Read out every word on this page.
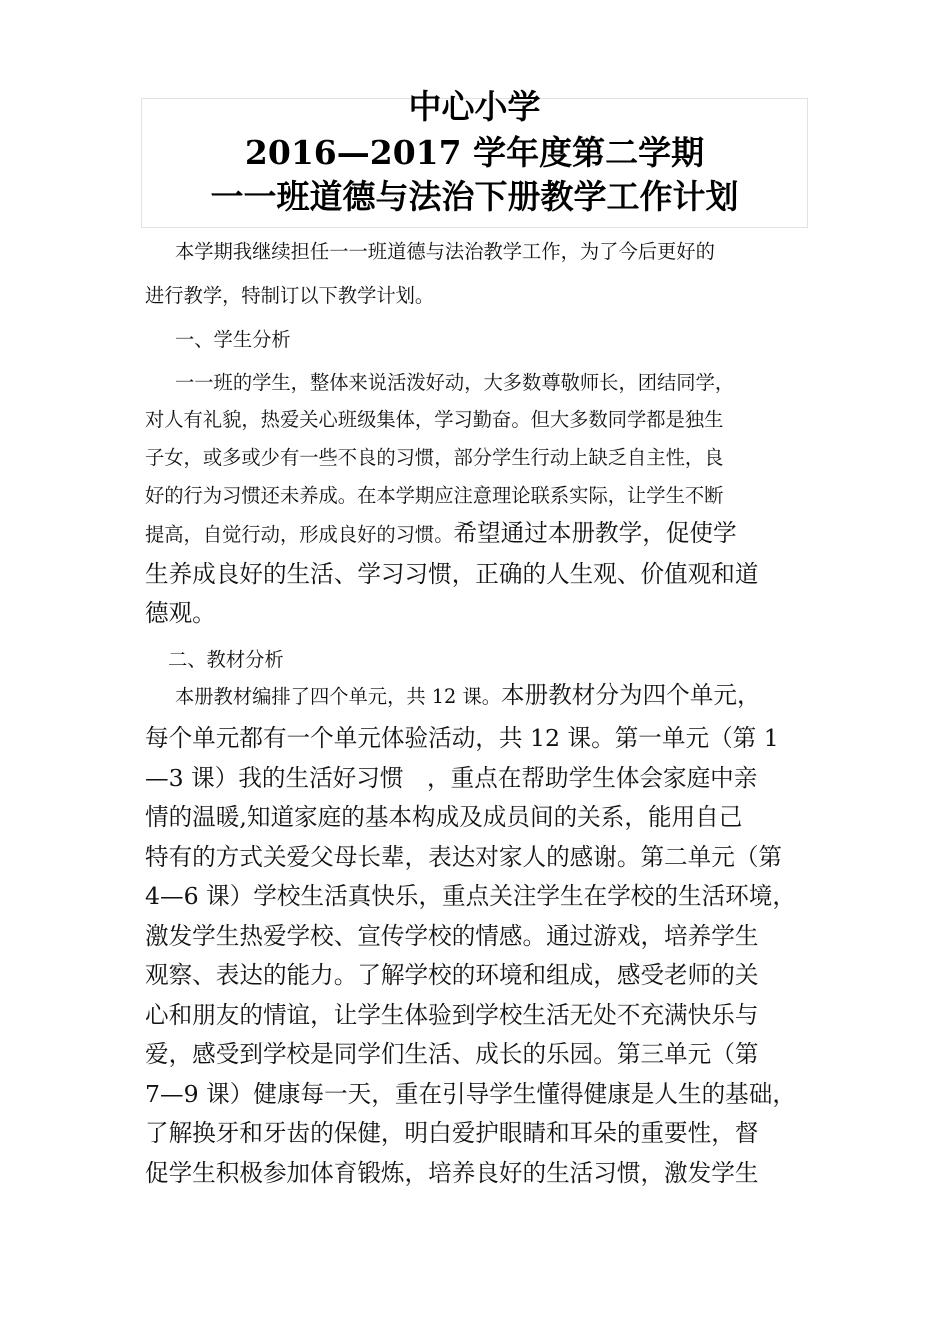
中心小学
2016—2017 学年度第二学期
一一班道德与法治下册教学工作计划
本学期我继续担任一一班道德与法治教学工作，为了今后更好的
进行教学，特制订以下教学计划。
一、学生分析
一一班的学生，整体来说活泼好动，大多数尊敬师长，团结同学，
对人有礼貌，热爱关心班级集体，学习勤奋。但大多数同学都是独生
子女，或多或少有一些不良的习惯，部分学生行动上缺乏自主性，良
好的行为习惯还未养成。在本学期应注意理论联系实际，让学生不断
提高，自觉行动，形成良好的习惯。希望通过本册教学，促使学
生养成良好的生活、学习习惯，正确的人生观、价值观和道
德观。
二、教材分析
本册教材编排了四个单元，共 12 课。本册教材分为四个单元，
每个单元都有一个单元体验活动，共 12 课。第一单元（第 1
—3 课）我的生活好习惯　，重点在帮助学生体会家庭中亲
情的温暖,知道家庭的基本构成及成员间的关系，能用自己
特有的方式关爱父母长辈，表达对家人的感谢。第二单元（第
4—6 课）学校生活真快乐，重点关注学生在学校的生活环境，
激发学生热爱学校、宣传学校的情感。通过游戏，培养学生
观察、表达的能力。了解学校的环境和组成，感受老师的关
心和朋友的情谊，让学生体验到学校生活无处不充满快乐与
爱，感受到学校是同学们生活、成长的乐园。第三单元（第
7—9 课）健康每一天，重在引导学生懂得健康是人生的基础，
了解换牙和牙齿的保健，明白爱护眼睛和耳朵的重要性，督
促学生积极参加体育锻炼，培养良好的生活习惯，激发学生
